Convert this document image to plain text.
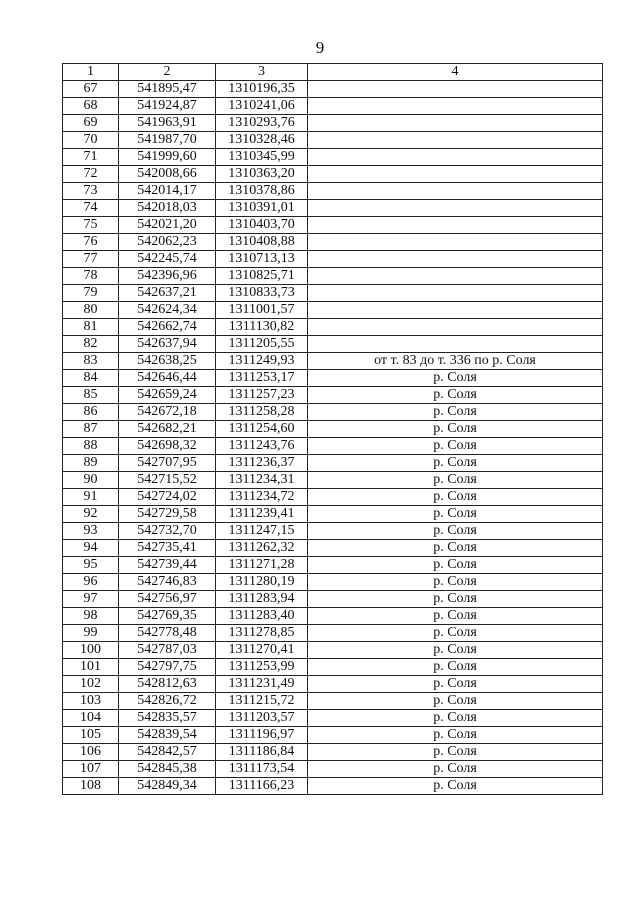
9
1	2	3	4
67	541895,47	1310196,35	
68	541924,87	1310241,06	
69	541963,91	1310293,76	
70	541987,70	1310328,46	
71	541999,60	1310345,99	
72	542008,66	1310363,20	
73	542014,17	1310378,86	
74	542018,03	1310391,01	
75	542021,20	1310403,70	
76	542062,23	1310408,88	
77	542245,74	1310713,13	
78	542396,96	1310825,71	
79	542637,21	1310833,73	
80	542624,34	1311001,57	
81	542662,74	1311130,82	
82	542637,94	1311205,55	
83	542638,25	1311249,93	от т. 83 до т. 336 по р. Соля
84	542646,44	1311253,17	р. Соля
85	542659,24	1311257,23	р. Соля
86	542672,18	1311258,28	р. Соля
87	542682,21	1311254,60	р. Соля
88	542698,32	1311243,76	р. Соля
89	542707,95	1311236,37	р. Соля
90	542715,52	1311234,31	р. Соля
91	542724,02	1311234,72	р. Соля
92	542729,58	1311239,41	р. Соля
93	542732,70	1311247,15	р. Соля
94	542735,41	1311262,32	р. Соля
95	542739,44	1311271,28	р. Соля
96	542746,83	1311280,19	р. Соля
97	542756,97	1311283,94	р. Соля
98	542769,35	1311283,40	р. Соля
99	542778,48	1311278,85	р. Соля
100	542787,03	1311270,41	р. Соля
101	542797,75	1311253,99	р. Соля
102	542812,63	1311231,49	р. Соля
103	542826,72	1311215,72	р. Соля
104	542835,57	1311203,57	р. Соля
105	542839,54	1311196,97	р. Соля
106	542842,57	1311186,84	р. Соля
107	542845,38	1311173,54	р. Соля
108	542849,34	1311166,23	р. Соля
